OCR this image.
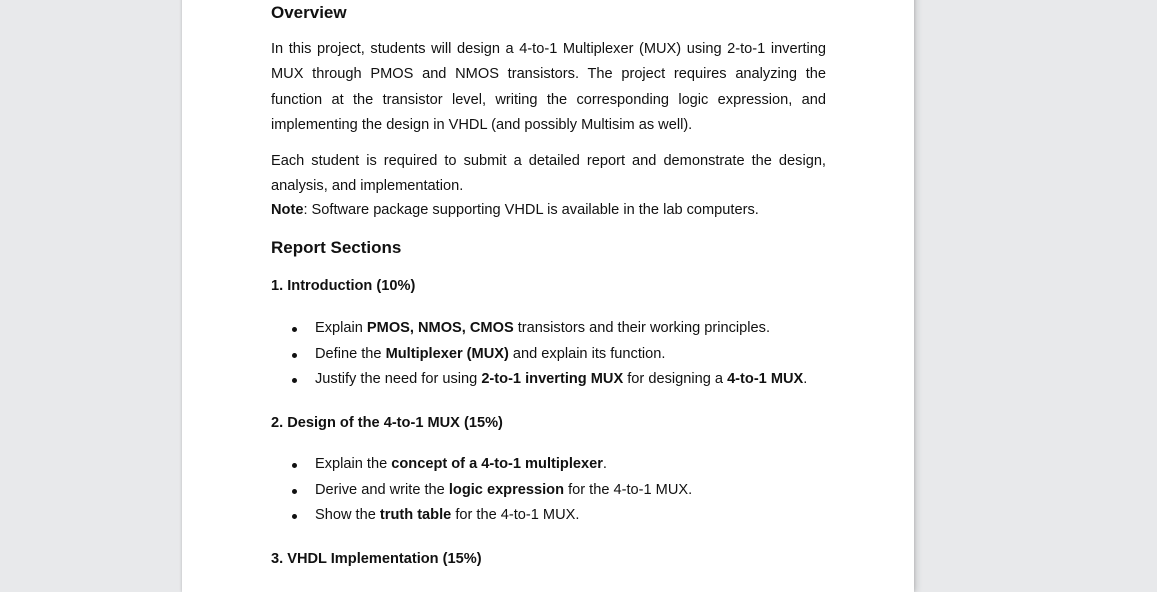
Overview

In this project, students will design a 4-to-1 Multiplexer (MUX) using 2-to-1 inverting MUX through PMOS and NMOS transistors. The project requires analyzing the function at the transistor level, writing the corresponding logic expression, and implementing the design in VHDL (and possibly Multisim as well).

Each student is required to submit a detailed report and demonstrate the design, analysis, and implementation.

Note: Software package supporting VHDL is available in the lab computers.

Report Sections
1. Introduction (10%)
Explain PMOS, NMOS, CMOS transistors and their working principles.
Define the Multiplexer (MUX) and explain its function.
Justify the need for using 2-to-1 inverting MUX for designing a 4-to-1 MUX.
2. Design of the 4-to-1 MUX (15%)
Explain the concept of a 4-to-1 multiplexer.
Derive and write the logic expression for the 4-to-1 MUX.
Show the truth table for the 4-to-1 MUX.
3. VHDL Implementation (15%)
